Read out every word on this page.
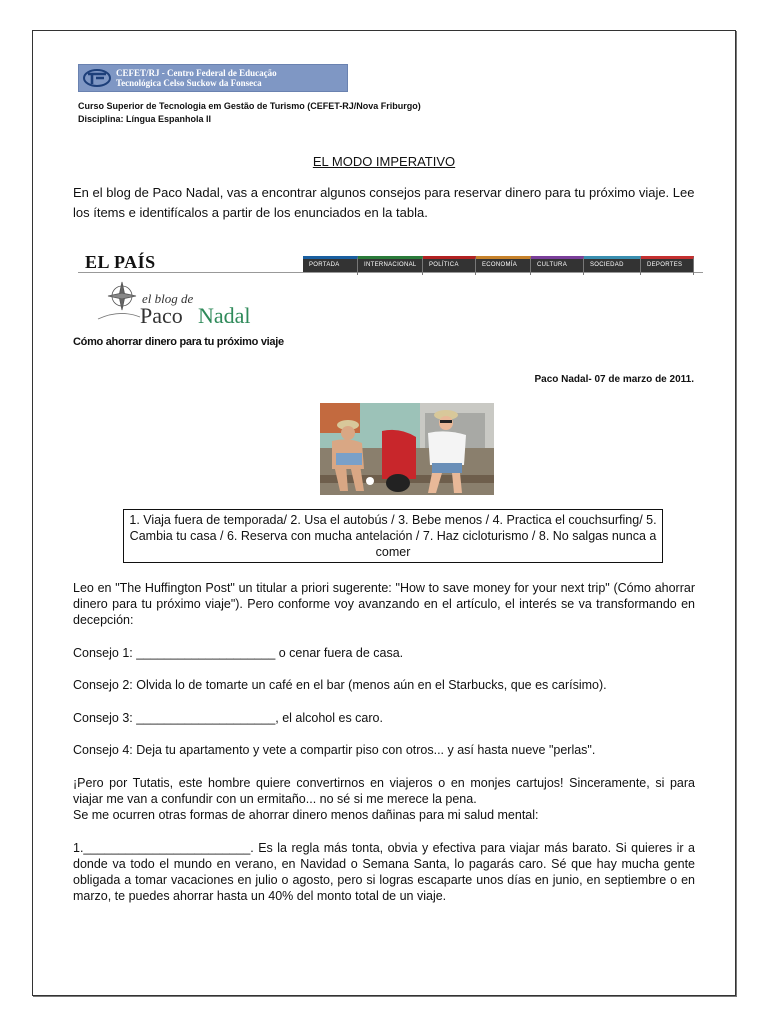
CEFET/RJ - Centro Federal de Educação
Tecnológica Celso Suckow da Fonseca
Curso Superior de Tecnologia em Gestão de Turismo (CEFET-RJ/Nova Friburgo)
Disciplina: Língua Espanhola II
EL MODO IMPERATIVO
En el blog de Paco Nadal, vas a encontrar algunos consejos para reservar dinero para tu próximo viaje. Lee los ítems e identifícalos a partir de los enunciados en la tabla.
EL PAÍS	PORTADA	INTERNACIONAL	POLÍTICA	ECONOMÍA	CULTURA	SOCIEDAD	DEPORTES
el blog de
Paco Nadal
Cómo ahorrar dinero para tu próximo viaje
Paco Nadal- 07 de marzo de 2011.
1. Viaja fuera de temporada/ 2. Usa el autobús / 3. Bebe menos / 4. Practica el couchsurfing/ 5. Cambia tu casa / 6. Reserva con mucha antelación / 7. Haz cicloturismo / 8. No salgas nunca a comer
Leo en "The Huffington Post" un titular a priori sugerente: "How to save money for your next trip" (Cómo ahorrar dinero para tu próximo viaje"). Pero conforme voy avanzando en el artículo, el interés se va transformando en decepción:
Consejo 1: ____________________ o cenar fuera de casa.
Consejo 2: Olvida lo de tomarte un café en el bar (menos aún en el Starbucks, que es carísimo).
Consejo 3: ____________________, el alcohol es caro.
Consejo 4: Deja tu apartamento y vete a compartir piso con otros... y así hasta nueve "perlas".
¡Pero por Tutatis, este hombre quiere convertirnos en viajeros o en monjes cartujos! Sinceramente, si para viajar me van a confundir con un ermitaño... no sé si me merece la pena.
Se me ocurren otras formas de ahorrar dinero menos dañinas para mi salud mental:
1.________________________. Es la regla más tonta, obvia y efectiva para viajar más barato. Si quieres ir a donde va todo el mundo en verano, en Navidad o Semana Santa, lo pagarás caro. Sé que hay mucha gente obligada a tomar vacaciones en julio o agosto, pero si logras escaparte unos días en junio, en septiembre o en marzo, te puedes ahorrar hasta un 40% del monto total de un viaje.
